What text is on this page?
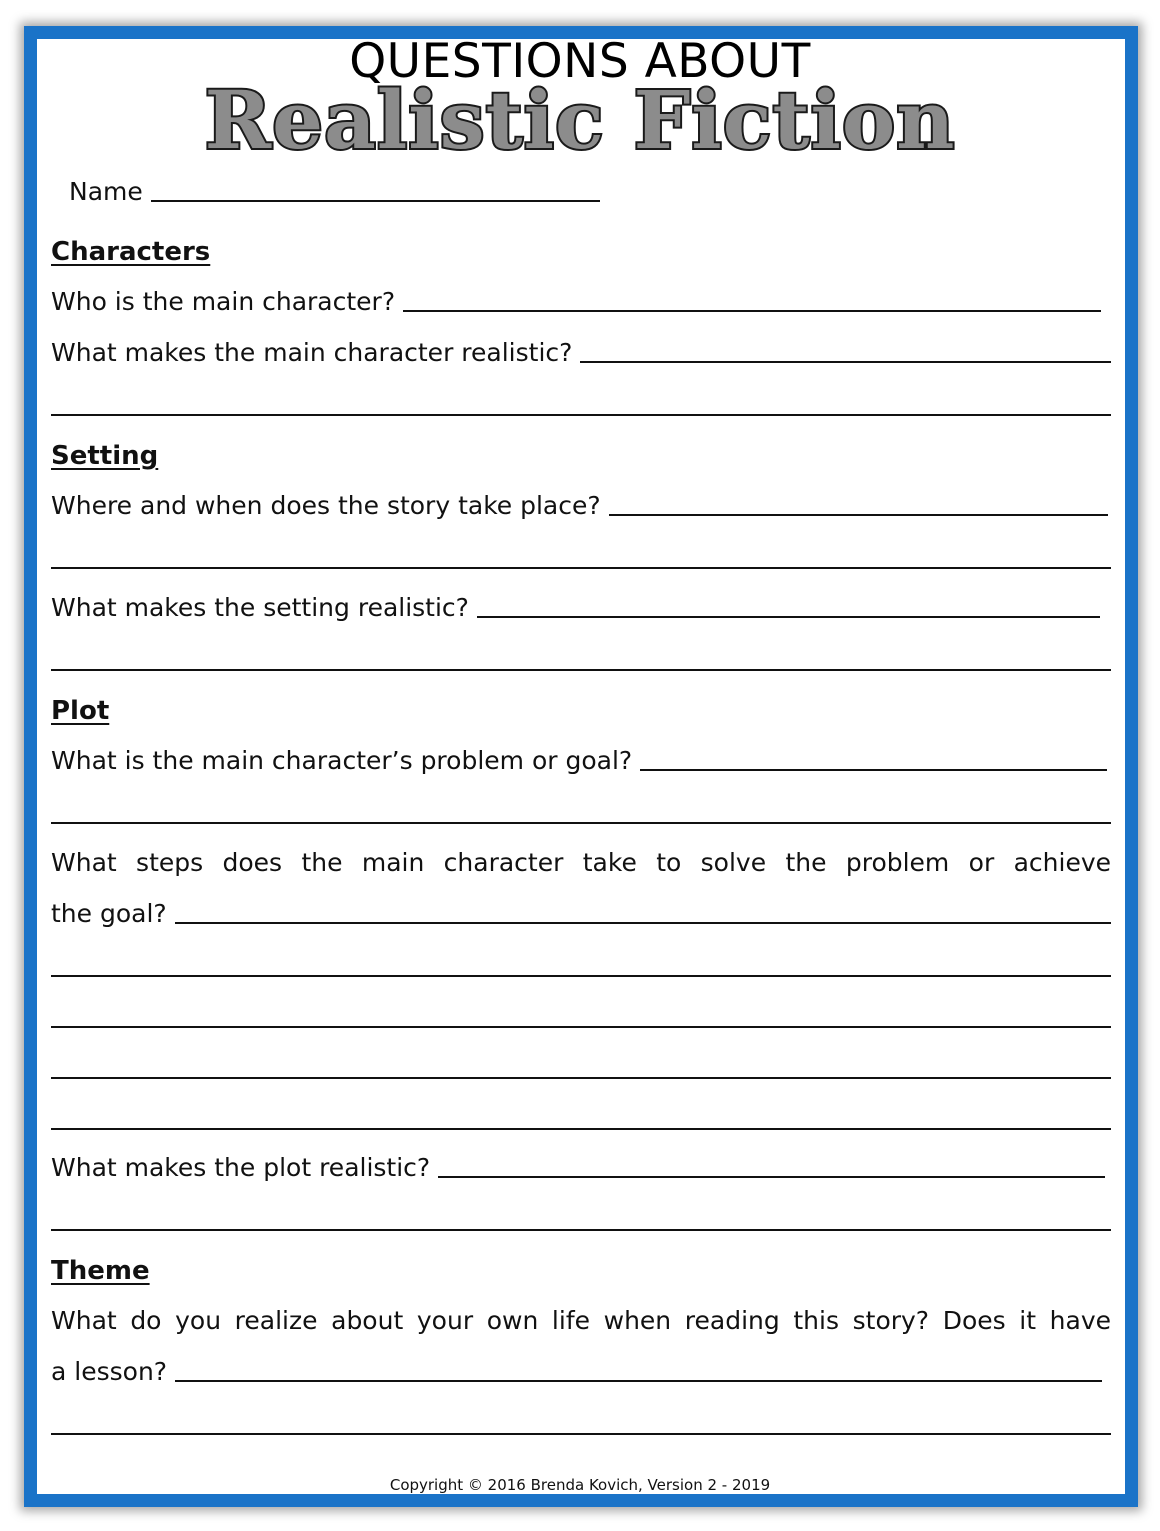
QUESTIONS ABOUT
Realistic Fiction
Name
Characters
Who is the main character?
What makes the main character realistic?
Setting
Where and when does the story take place?
What makes the setting realistic?
Plot
What is the main character’s problem or goal?
What steps does the main character take to solve the problem or achieve
the goal?
What makes the plot realistic?
Theme
What do you realize about your own life when reading this story? Does it have
a lesson?
Copyright © 2016 Brenda Kovich, Version 2 - 2019
